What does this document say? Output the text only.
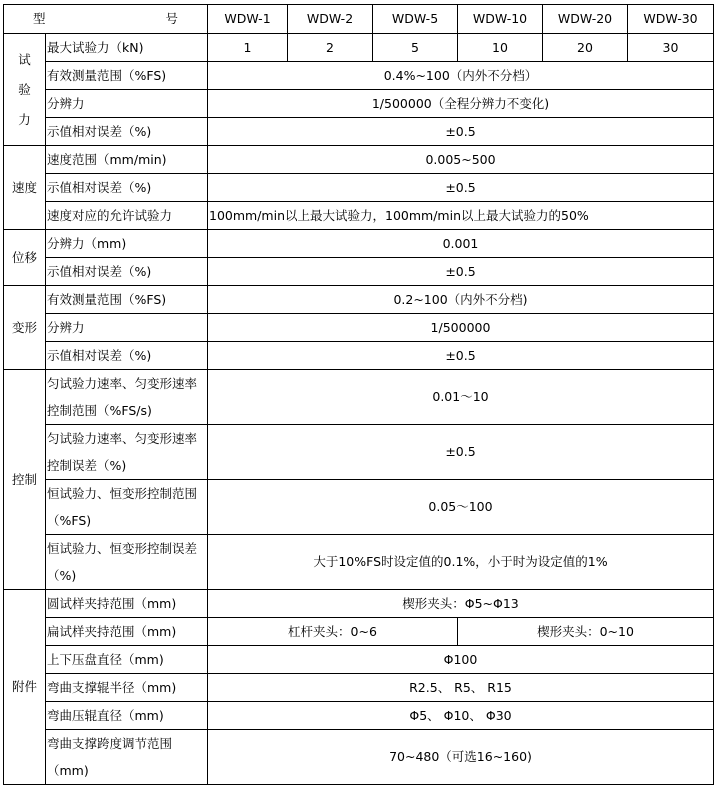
型 号		WDW-1	WDW-2	WDW-5	WDW-10	WDW-20	WDW-30
试
验
力	最大试验力（kN)	1	2	5	10	20	30
	有效测量范围（%FS)	0.4%~100（内外不分档）					
	分辨力	1/500000（全程分辨力不变化)					
	示值相对误差（%)	±0.5					
速度	速度范围（mm/min)	0.005~500					
	示值相对误差（%)	±0.5					
	速度对应的允许试验力	100mm/min以上最大试验力，100mm/min以上最大试验力的50%					
位移	分辨力（mm)	0.001					
	示值相对误差（%)	±0.5					
变形	有效测量范围（%FS)	0.2~100（内外不分档)					
	分辨力	1/500000					
	示值相对误差（%)	±0.5					
控制	匀试验力速率、匀变形速率控制范围（%FS/s)	0.01～10					
	匀试验力速率、匀变形速率控制误差（%)	±0.5					
	恒试验力、恒变形控制范围（%FS)	0.05～100					
	恒试验力、恒变形控制误差（%)	大于10%FS时设定值的0.1%，小于时为设定值的1%					
附件	圆试样夹持范围（mm)	楔形夹头：Φ5~Φ13					
	扁试样夹持范围（mm)	杠杆夹头：0~6			楔形夹头：0~10		
	上下压盘直径（mm)	Φ100					
	弯曲支撑辊半径（mm)	R2.5、 R5、 R15					
	弯曲压辊直径（mm)	Φ5、 Φ10、 Φ30					
	弯曲支撑跨度调节范围（mm)	70~480（可选16~160)					
